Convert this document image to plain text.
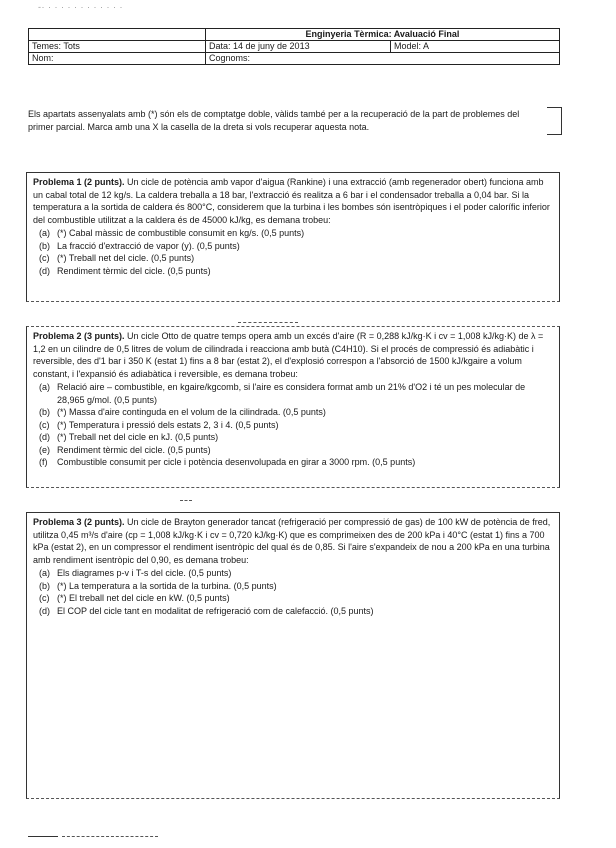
-· · · · · · · · · · · · ·
	Enginyeria Tèrmica: Avaluació Final	
Temes: Tots	Data: 14 de juny de 2013	Model: A
Nom:	Cognoms:	

Els apartats assenyalats amb (*) són els de comptatge doble, vàlids també per a la recuperació de la part de problemes del primer parcial. Marca amb una X la casella de la dreta si vols recuperar aquesta nota.

Problema 1 (2 punts). Un cicle de potència amb vapor d'aigua (Rankine) i una extracció (amb regenerador obert) funciona amb un cabal total de 12 kg/s. La caldera treballa a 18 bar, l'extracció és realitza a 6 bar i el condensador treballa a 0,04 bar. Si la temperatura a la sortida de caldera és 800°C, considerem que la turbina i les bombes són isentròpiques i el poder calorífic inferior del combustible utilitzat a la caldera és de 45000 kJ/kg, es demana trobeu:

(a) (*) Cabal màssic de combustible consumit en kg/s. (0,5 punts)
(b) La fracció d'extracció de vapor (y). (0,5 punts)
(c) (*) Treball net del cicle. (0,5 punts)
(d) Rendiment tèrmic del cicle. (0,5 punts)

Problema 2 (3 punts). Un cicle Otto de quatre temps opera amb un excés d'aire (R = 0,288 kJ/kg·K i cv = 1,008 kJ/kg·K) de λ = 1,2 en un cilindre de 0,5 litres de volum de cilindrada i reacciona amb butà (C4H10). Si el procés de compressió és adiabàtic i reversible, des d'1 bar i 350 K (estat 1) fins a 8 bar (estat 2), el d'explosió correspon a l'absorció de 1500 kJ/kgaire a volum constant, i l'expansió és adiabàtica i reversible, es demana trobeu:

(a) Relació aire – combustible, en kgaire/kgcomb, si l'aire es considera format amb un 21% d'O2 i té un pes molecular de 28,965 g/mol. (0,5 punts)
(b) (*) Massa d'aire continguda en el volum de la cilindrada. (0,5 punts)
(c) (*) Temperatura i pressió dels estats 2, 3 i 4. (0,5 punts)
(d) (*) Treball net del cicle en kJ. (0,5 punts)
(e) Rendiment tèrmic del cicle. (0,5 punts)
(f) Combustible consumit per cicle i potència desenvolupada en girar a 3000 rpm. (0,5 punts)

Problema 3 (2 punts). Un cicle de Brayton generador tancat (refrigeració per compressió de gas) de 100 kW de potència de fred, utilitza 0,45 m³/s d'aire (cp = 1,008 kJ/kg·K i cv = 0,720 kJ/kg·K) que es comprimeixen des de 200 kPa i 40°C (estat 1) fins a 700 kPa (estat 2), en un compressor el rendiment isentròpic del qual és de 0,85. Si l'aire s'expandeix de nou a 200 kPa en una turbina amb rendiment isentròpic del 0,90, es demana trobeu:

(a) Els diagrames p-v i T-s del cicle. (0,5 punts)
(b) (*) La temperatura a la sortida de la turbina. (0,5 punts)
(c) (*) El treball net del cicle en kW. (0,5 punts)
(d) El COP del cicle tant en modalitat de refrigeració com de calefacció. (0,5 punts)
